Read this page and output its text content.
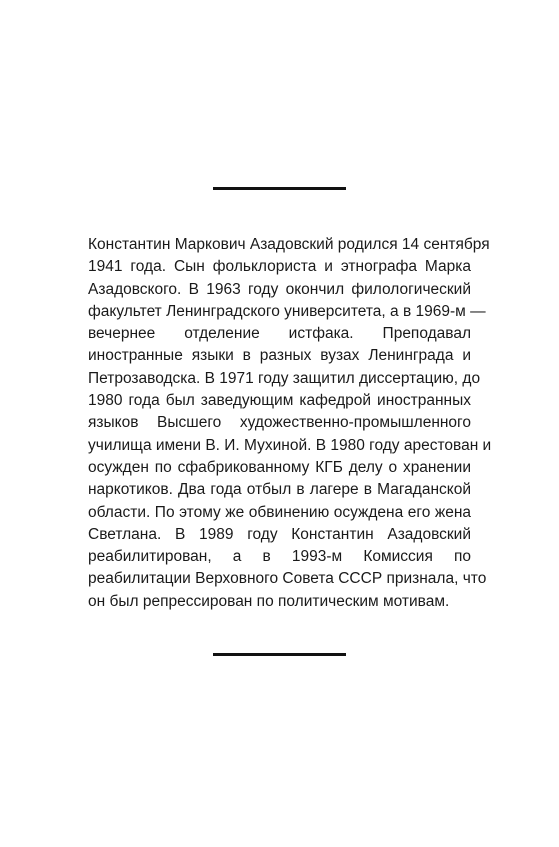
Константин Маркович Азадовский родился 14 сентября
1941 года. Сын фольклориста и этнографа Марка
Азадовского. В 1963 году окончил филологический
факультет Ленинградского университета, а в 1969-м —
вечернее отделение истфака. Преподавал
иностранные языки в разных вузах Ленинграда и
Петрозаводска. В 1971 году защитил диссертацию, до
1980 года был заведующим кафедрой иностранных
языков Высшего художественно-промышленного
училища имени В. И. Мухиной. В 1980 году арестован и
осужден по сфабрикованному КГБ делу о хранении
наркотиков. Два года отбыл в лагере в Магаданской
области. По этому же обвинению осуждена его жена
Светлана. В 1989 году Константин Азадовский
реабилитирован, а в 1993-м Комиссия по
реабилитации Верховного Совета СССР признала, что
он был репрессирован по политическим мотивам.
